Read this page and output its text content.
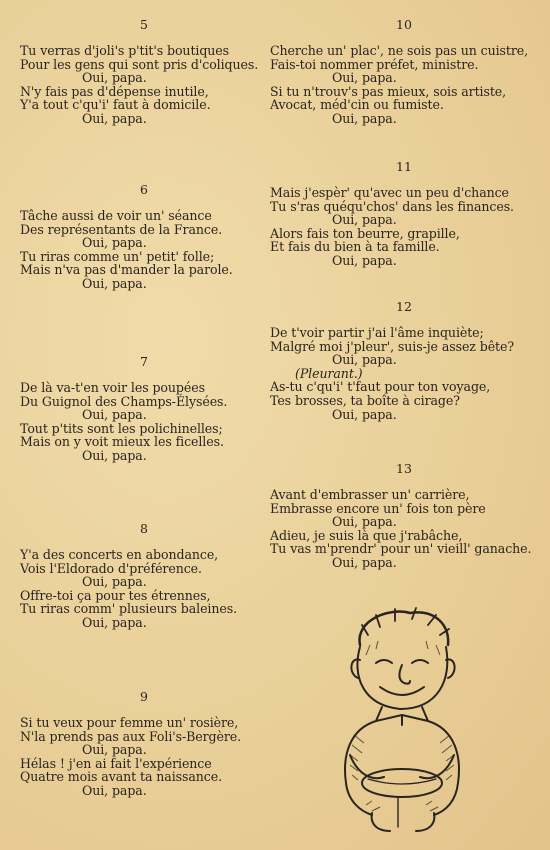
5
Tu verras d'joli's p'tit's boutiques
Pour les gens qui sont pris d'coliques.
Oui, papa.
N'y fais pas d'dépense inutile,
Y'a tout c'qu'i' faut à domicile.
Oui, papa.
6
Tâche aussi de voir un' séance
Des représentants de la France.
Oui, papa.
Tu riras comme un' petit' folle;
Mais n'va pas d'mander la parole.
Oui, papa.
7
De là va-t'en voir les poupées
Du Guignol des Champs-Élysées.
Oui, papa.
Tout p'tits sont les polichinelles;
Mais on y voit mieux les ficelles.
Oui, papa.
8
Y'a des concerts en abondance,
Vois l'Eldorado d'préférence.
Oui, papa.
Offre-toi ça pour tes étrennes,
Tu riras comm' plusieurs baleines.
Oui, papa.
9
Si tu veux pour femme un' rosière,
N'la prends pas aux Foli's-Bergère.
Oui, papa.
Hélas ! j'en ai fait l'expérience
Quatre mois avant ta naissance.
Oui, papa.
10
Cherche un' plac', ne sois pas un cuistre,
Fais-toi nommer préfet, ministre.
Oui, papa.
Si tu n'trouv's pas mieux, sois artiste,
Avocat, méd'cin ou fumiste.
Oui, papa.
11
Mais j'espèr' qu'avec un peu d'chance
Tu s'ras quéqu'chos' dans les finances.
Oui, papa.
Alors fais ton beurre, grapille,
Et fais du bien à ta famille.
Oui, papa.
12
De t'voir partir j'ai l'âme inquiète;
Malgré moi j'pleur', suis-je assez bête?
Oui, papa.
(Pleurant.)
As-tu c'qu'i' t'faut pour ton voyage,
Tes brosses, ta boîte à cirage?
Oui, papa.
13
Avant d'embrasser un' carrière,
Embrasse encore un' fois ton père
Oui, papa.
Adieu, je suis là que j'rabâche,
Tu vas m'prendr' pour un' vieill' ganache.
Oui, papa.
